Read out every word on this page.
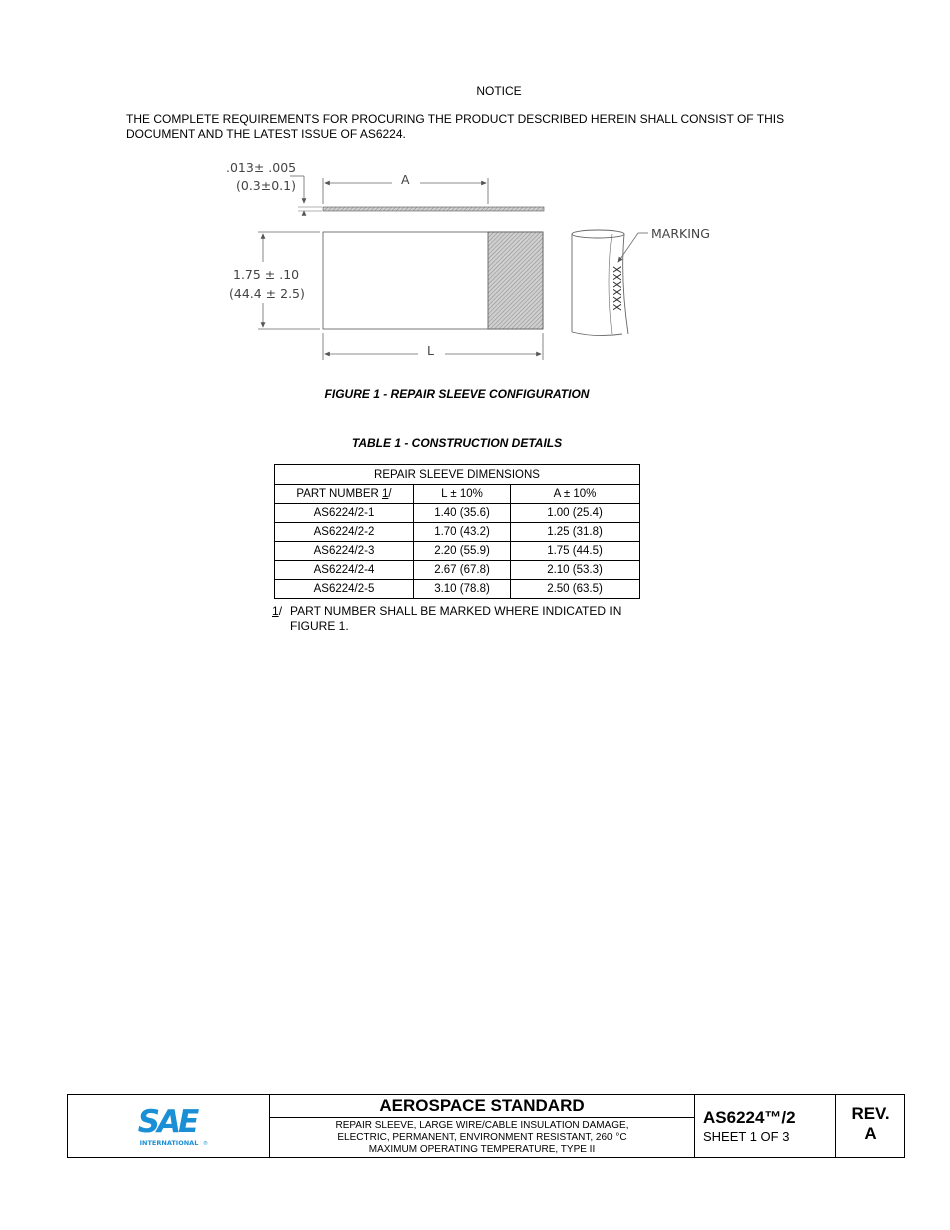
NOTICE
THE COMPLETE REQUIREMENTS FOR PROCURING THE PRODUCT DESCRIBED HEREIN SHALL CONSIST OF THIS DOCUMENT AND THE LATEST ISSUE OF AS6224.
.013± .005
(0.3±0.1)	A
1.75 ± .10
(44.4 ± 2.5)
L
XXXXXX
MARKING
FIGURE 1 - REPAIR SLEEVE CONFIGURATION
TABLE 1 - CONSTRUCTION DETAILS
REPAIR SLEEVE DIMENSIONS		
PART NUMBER 1/	L ± 10%	A ± 10%
AS6224/2-1	1.40 (35.6)	1.00 (25.4)
AS6224/2-2	1.70 (43.2)	1.25 (31.8)
AS6224/2-3	2.20 (55.9)	1.75 (44.5)
AS6224/2-4	2.67 (67.8)	2.10 (53.3)
AS6224/2-5	3.10 (78.8)	2.50 (63.5)
1/ PART NUMBER SHALL BE MARKED WHERE INDICATED IN FIGURE 1.
SAE
INTERNATIONAL ®
AEROSPACE STANDARD
REPAIR SLEEVE, LARGE WIRE/CABLE INSULATION DAMAGE,
ELECTRIC, PERMANENT, ENVIRONMENT RESISTANT, 260 °C
MAXIMUM OPERATING TEMPERATURE, TYPE II
AS6224™/2
SHEET 1 OF 3
REV.
A
